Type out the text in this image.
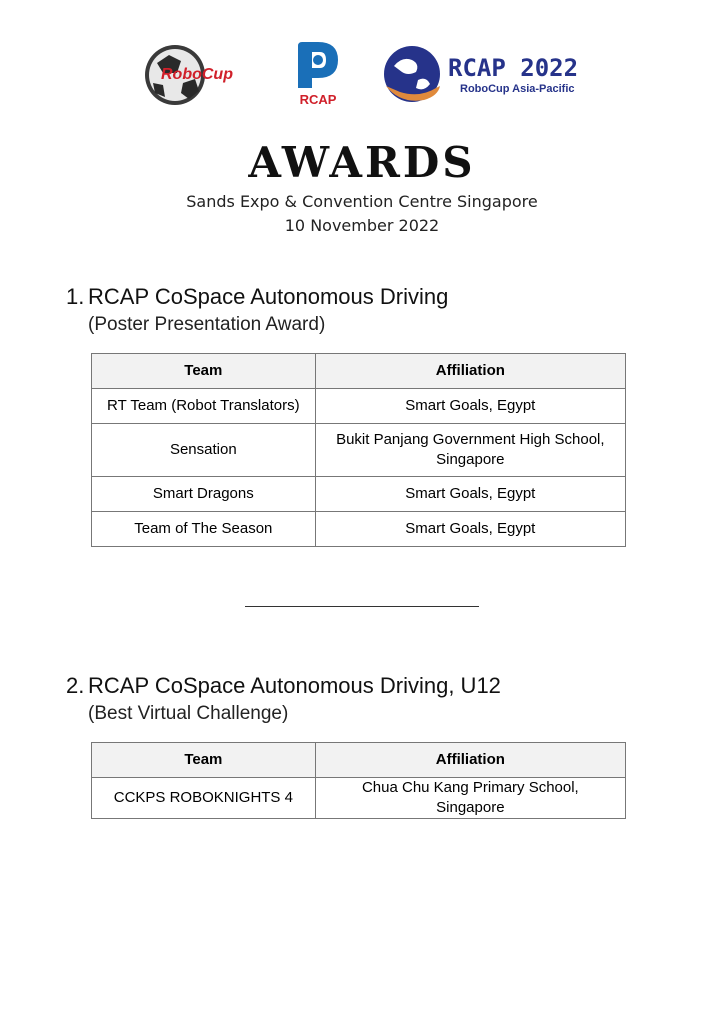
RoboCup
RCAP
RCAP 2022
RoboCup Asia-Pacific
AWARDS
Sands Expo & Convention Centre Singapore
10 November 2022
1. RCAP CoSpace Autonomous Driving
(Poster Presentation Award)
Team	Affiliation
RT Team (Robot Translators)	Smart Goals, Egypt
Sensation	Bukit Panjang Government High School, Singapore
Smart Dragons	Smart Goals, Egypt
Team of The Season	Smart Goals, Egypt
2. RCAP CoSpace Autonomous Driving, U12
(Best Virtual Challenge)
Team	Affiliation
CCKPS ROBOKNIGHTS 4	Chua Chu Kang Primary School, Singapore
